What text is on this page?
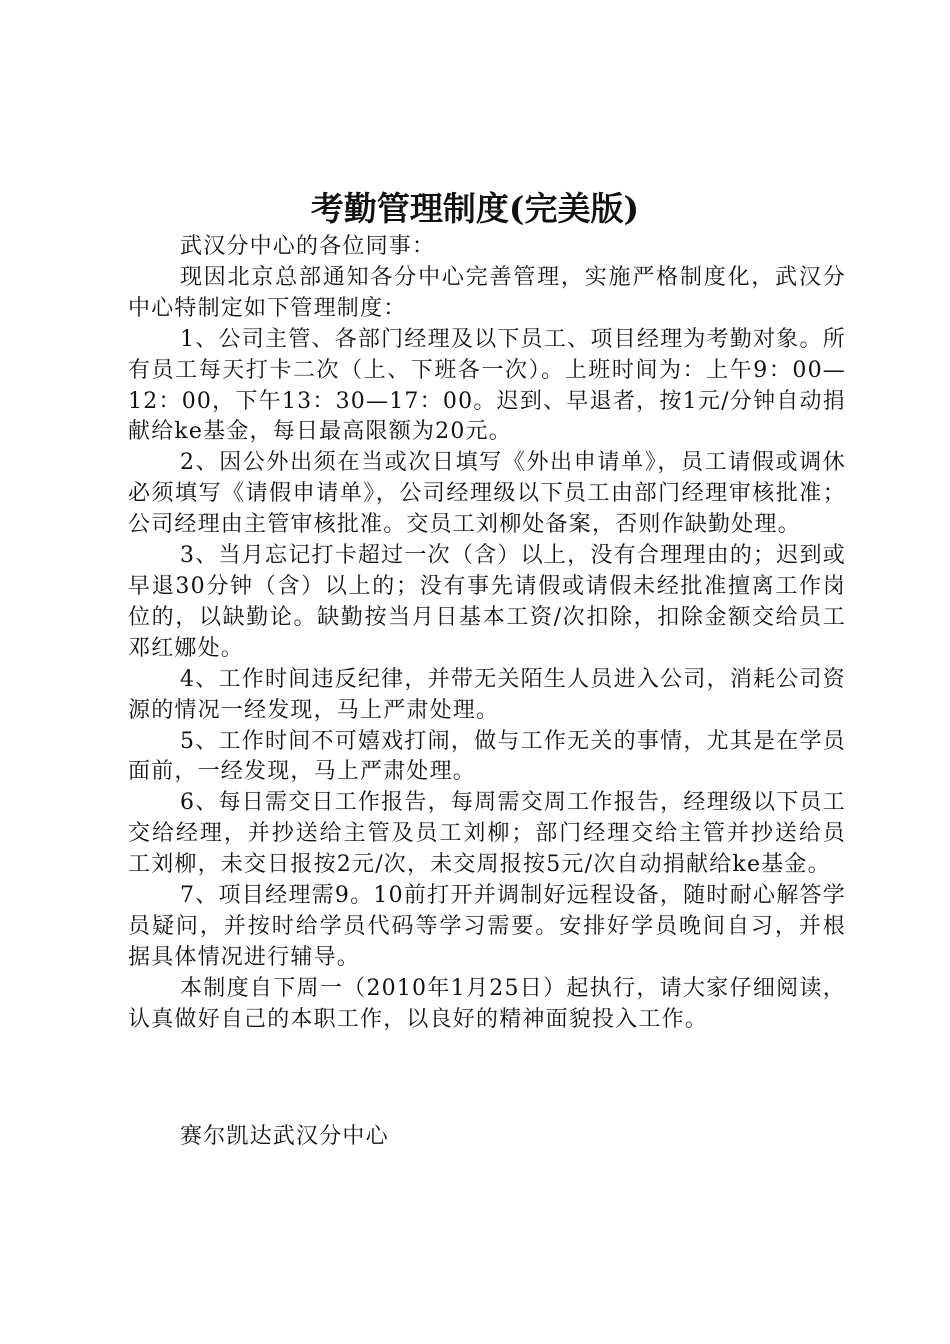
考勤管理制度(完美版)

武汉分中心的各位同事：

现因北京总部通知各分中心完善管理，实施严格制度化，武汉分中心特制定如下管理制度：

1、公司主管、各部门经理及以下员工、项目经理为考勤对象。所有员工每天打卡二次（上、下班各一次）。上班时间为：上午9：00—12：00，下午13：30—17：00。迟到、早退者，按1元/分钟自动捐献给ke基金，每日最高限额为20元。

2、因公外出须在当或次日填写《外出申请单》，员工请假或调休必须填写《请假申请单》，公司经理级以下员工由部门经理审核批准；公司经理由主管审核批准。交员工刘柳处备案，否则作缺勤处理。

3、当月忘记打卡超过一次（含）以上，没有合理理由的；迟到或早退30分钟（含）以上的；没有事先请假或请假未经批准擅离工作岗位的，以缺勤论。缺勤按当月日基本工资/次扣除，扣除金额交给员工邓红娜处。

4、工作时间违反纪律，并带无关陌生人员进入公司，消耗公司资源的情况一经发现，马上严肃处理。

5、工作时间不可嬉戏打闹，做与工作无关的事情，尤其是在学员面前，一经发现，马上严肃处理。

6、每日需交日工作报告，每周需交周工作报告，经理级以下员工交给经理，并抄送给主管及员工刘柳；部门经理交给主管并抄送给员工刘柳，未交日报按2元/次，未交周报按5元/次自动捐献给ke基金。

7、项目经理需9。10前打开并调制好远程设备，随时耐心解答学员疑问，并按时给学员代码等学习需要。安排好学员晚间自习，并根据具体情况进行辅导。

本制度自下周一（2010年1月25日）起执行，请大家仔细阅读，认真做好自己的本职工作，以良好的精神面貌投入工作。

赛尔凯达武汉分中心
